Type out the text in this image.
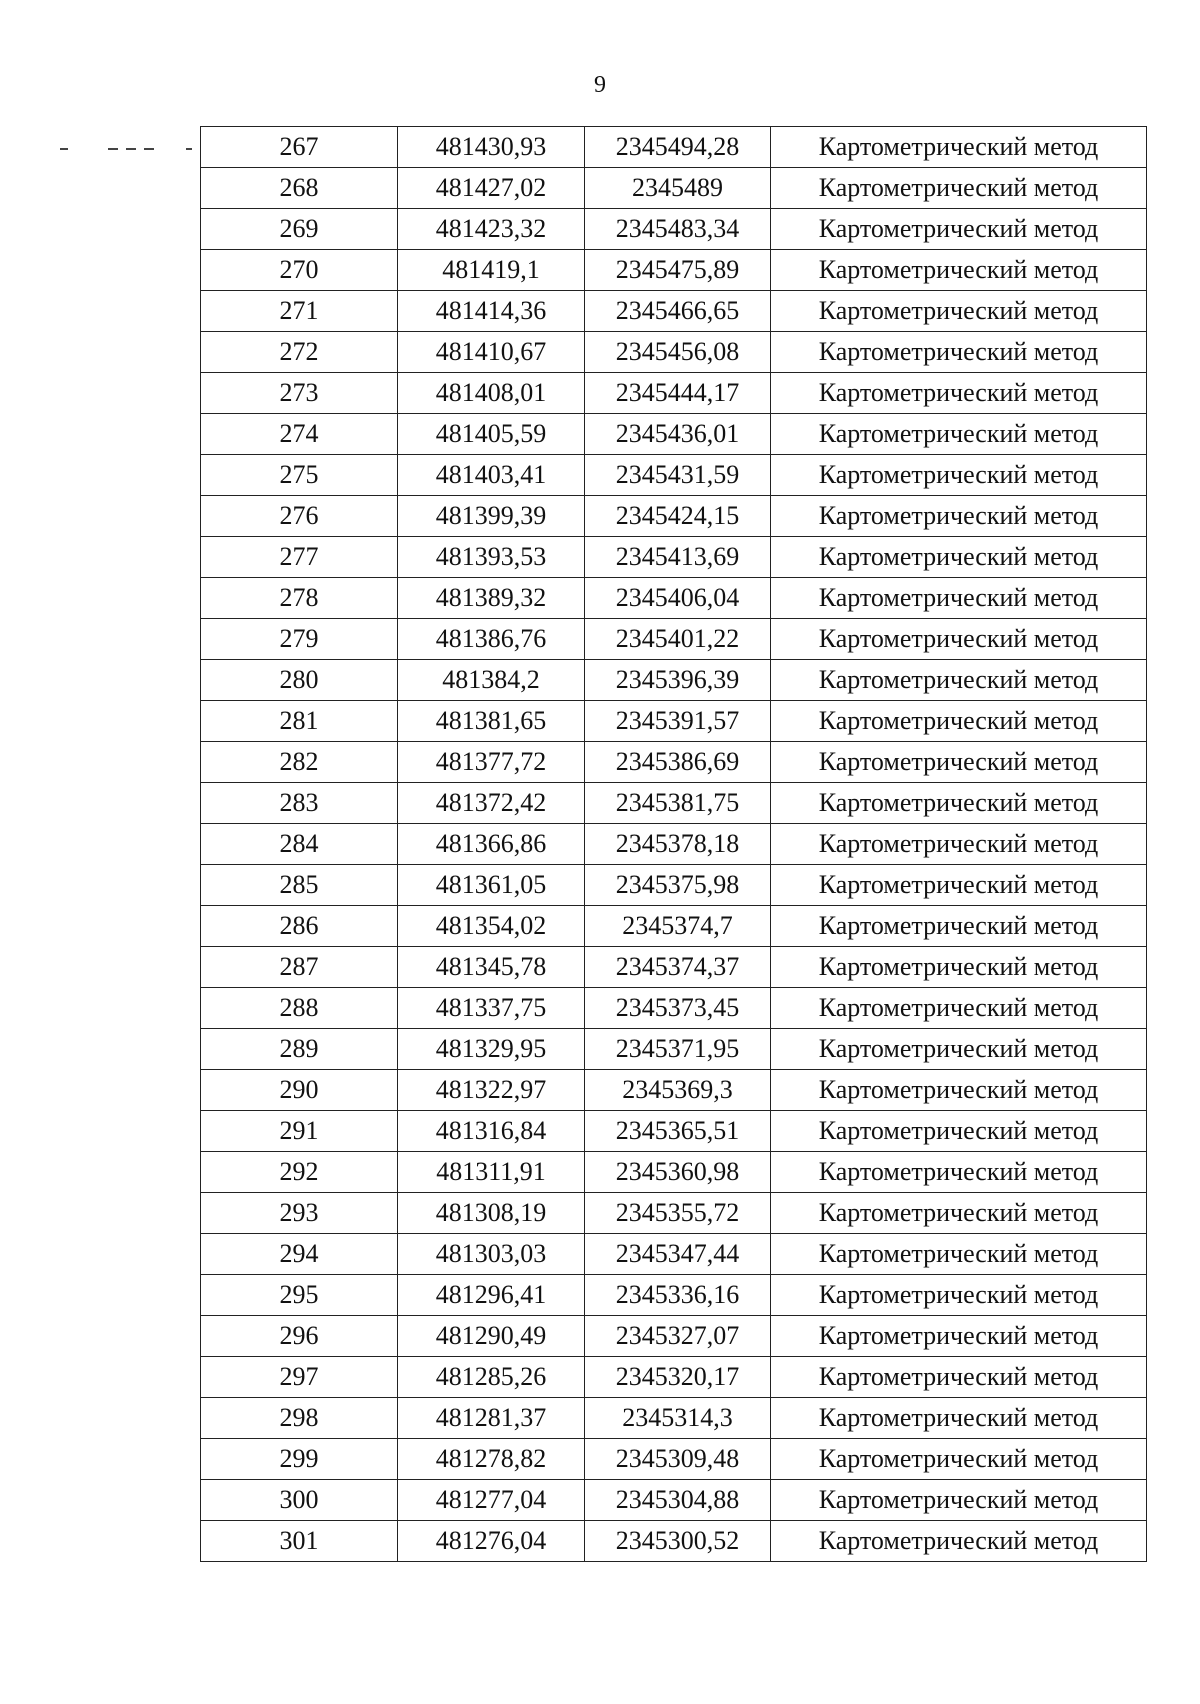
9
267	481430,93	2345494,28	Картометрический метод
268	481427,02	2345489	Картометрический метод
269	481423,32	2345483,34	Картометрический метод
270	481419,1	2345475,89	Картометрический метод
271	481414,36	2345466,65	Картометрический метод
272	481410,67	2345456,08	Картометрический метод
273	481408,01	2345444,17	Картометрический метод
274	481405,59	2345436,01	Картометрический метод
275	481403,41	2345431,59	Картометрический метод
276	481399,39	2345424,15	Картометрический метод
277	481393,53	2345413,69	Картометрический метод
278	481389,32	2345406,04	Картометрический метод
279	481386,76	2345401,22	Картометрический метод
280	481384,2	2345396,39	Картометрический метод
281	481381,65	2345391,57	Картометрический метод
282	481377,72	2345386,69	Картометрический метод
283	481372,42	2345381,75	Картометрический метод
284	481366,86	2345378,18	Картометрический метод
285	481361,05	2345375,98	Картометрический метод
286	481354,02	2345374,7	Картометрический метод
287	481345,78	2345374,37	Картометрический метод
288	481337,75	2345373,45	Картометрический метод
289	481329,95	2345371,95	Картометрический метод
290	481322,97	2345369,3	Картометрический метод
291	481316,84	2345365,51	Картометрический метод
292	481311,91	2345360,98	Картометрический метод
293	481308,19	2345355,72	Картометрический метод
294	481303,03	2345347,44	Картометрический метод
295	481296,41	2345336,16	Картометрический метод
296	481290,49	2345327,07	Картометрический метод
297	481285,26	2345320,17	Картометрический метод
298	481281,37	2345314,3	Картометрический метод
299	481278,82	2345309,48	Картометрический метод
300	481277,04	2345304,88	Картометрический метод
301	481276,04	2345300,52	Картометрический метод
